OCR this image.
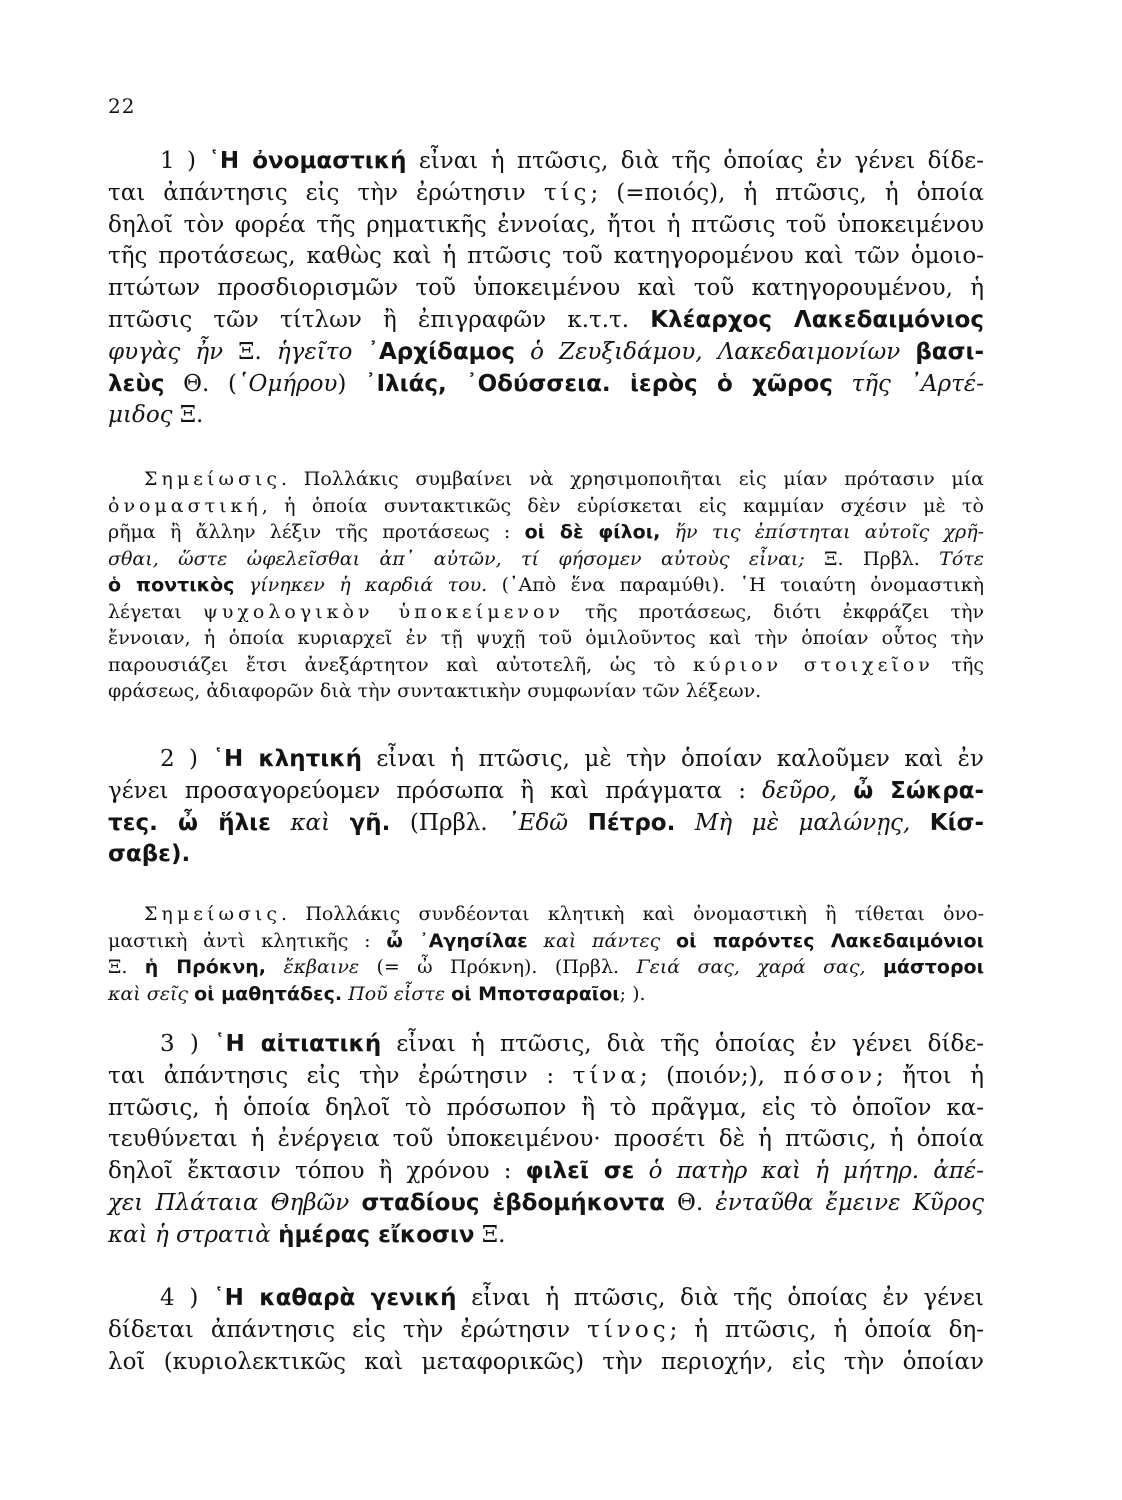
22
1 ) ῾Η ὀνομαστική εἶναι ἡ πτῶσις, διὰ τῆς ὁποίας ἐν γένει δίδε-
ται ἀπάντησις εἰς τὴν ἐρώτησιν τίς; (=ποιός), ἡ πτῶσις, ἡ ὁποία
δηλοῖ τὸν φορέα τῆς ρηματικῆς ἐννοίας, ἤτοι ἡ πτῶσις τοῦ ὑποκειμένου
τῆς προτάσεως, καθὼς καὶ ἡ πτῶσις τοῦ κατηγορομένου καὶ τῶν ὁμοιο-
πτώτων προσδιορισμῶν τοῦ ὑποκειμένου καὶ τοῦ κατηγορουμένου, ἡ
πτῶσις τῶν τίτλων ἢ ἐπιγραφῶν κ.τ.τ. Κλέαρχος Λακεδαιμόνιος
φυγὰς ἦν Ξ. ἡγεῖτο ᾿Αρχίδαμος ὁ Ζευξιδάμου, Λακεδαιμονίων βασι-
λεὺς Θ. (῾Ομήρου) ᾿Ιλιάς, ᾿Οδύσσεια. ἱερὸς ὁ χῶρος τῆς ᾿Αρτέ-
μιδος Ξ.
Σημείωσις. Πολλάκις συμβαίνει νὰ χρησιμοποιῆται εἰς μίαν πρότασιν μία
ὀνομαστική, ἡ ὁποία συντακτικῶς δὲν εὑρίσκεται εἰς καμμίαν σχέσιν μὲ τὸ
ρῆμα ἢ ἄλλην λέξιν τῆς προτάσεως : οἱ δὲ φίλοι, ἥν τις ἐπίστηται αὐτοῖς χρῆ-
σθαι, ὥστε ὠφελεῖσθαι ἀπ᾿ αὐτῶν, τί φήσομεν αὐτοὺς εἶναι; Ξ. Πρβλ. Τότε
ὁ ποντικὸς γίνηκεν ἡ καρδιά του. (᾿Απὸ ἕνα παραμύθι). ῾Η τοιαύτη ὀνομαστικὴ
λέγεται ψυχολογικὸν ὑποκείμενον τῆς προτάσεως, διότι ἐκφράζει τὴν
ἔννοιαν, ἡ ὁποία κυριαρχεῖ ἐν τῇ ψυχῇ τοῦ ὁμιλοῦντος καὶ τὴν ὁποίαν οὗτος τὴν
παρουσιάζει ἔτσι ἀνεξάρτητον καὶ αὐτοτελῆ, ὡς τὸ κύριον στοιχεῖον τῆς
φράσεως, ἀδιαφορῶν διὰ τὴν συντακτικὴν συμφωνίαν τῶν λέξεων.
2 ) ῾Η κλητική εἶναι ἡ πτῶσις, μὲ τὴν ὁποίαν καλοῦμεν καὶ ἐν
γένει προσαγορεύομεν πρόσωπα ἢ καὶ πράγματα : δεῦρο, ὦ Σώκρα-
τες. ὦ ἥλιε καὶ γῆ. (Πρβλ. ᾿Εδῶ Πέτρο. Μὴ μὲ μαλώνῃς, Κίσ-
σαβε).
Σημείωσις. Πολλάκις συνδέονται κλητικὴ καὶ ὀνομαστικὴ ἢ τίθεται ὀνο-
μαστικὴ ἀντὶ κλητικῆς : ὦ ᾿Αγησίλαε καὶ πάντες οἱ παρόντες Λακεδαιμόνιοι
Ξ. ἡ Πρόκνη, ἔκβαινε (= ὦ Πρόκνη). (Πρβλ. Γειά σας, χαρά σας, μάστοροι
καὶ σεῖς οἱ μαθητάδες. Ποῦ εἶστε οἱ Μποτσαραῖοι; ).
3 ) ῾Η αἰτιατική εἶναι ἡ πτῶσις, διὰ τῆς ὁποίας ἐν γένει δίδε-
ται ἀπάντησις εἰς τὴν ἐρώτησιν : τίνα; (ποιόν;), πόσον; ἤτοι ἡ
πτῶσις, ἡ ὁποία δηλοῖ τὸ πρόσωπον ἢ τὸ πρᾶγμα, εἰς τὸ ὁποῖον κα-
τευθύνεται ἡ ἐνέργεια τοῦ ὑποκειμένου· προσέτι δὲ ἡ πτῶσις, ἡ ὁποία
δηλοῖ ἔκτασιν τόπου ἢ χρόνου : φιλεῖ σε ὁ πατὴρ καὶ ἡ μήτηρ. ἀπέ-
χει Πλάταια Θηβῶν σταδίους ἑβδομήκοντα Θ. ἐνταῦθα ἔμεινε Κῦρος
καὶ ἡ στρατιὰ ἡμέρας εἴκοσιν Ξ.
4 ) ῾Η καθαρὰ γενική εἶναι ἡ πτῶσις, διὰ τῆς ὁποίας ἐν γένει
δίδεται ἀπάντησις εἰς τὴν ἐρώτησιν τίνος; ἡ πτῶσις, ἡ ὁποία δη-
λοῖ (κυριολεκτικῶς καὶ μεταφορικῶς) τὴν περιοχήν, εἰς τὴν ὁποίαν
